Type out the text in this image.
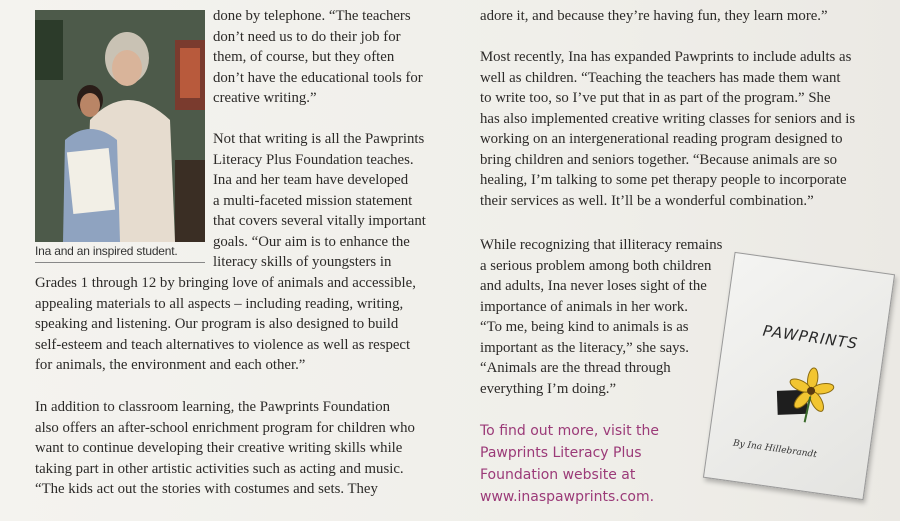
Ina and an inspired student.
done by telephone. “The teachers
don’t need us to do their job for
them, of course, but they often
don’t have the educational tools for
creative writing.”
Not that writing is all the Pawprints
Literacy Plus Foundation teaches.
Ina and her team have developed
a multi-faceted mission statement
that covers several vitally important
goals. “Our aim is to enhance the
literacy skills of youngsters in
Grades 1 through 12 by bringing love of animals and accessible,
appealing materials to all aspects – including reading, writing,
speaking and listening. Our program is also designed to build
self-esteem and teach alternatives to violence as well as respect
for animals, the environment and each other.”
In addition to classroom learning, the Pawprints Foundation
also offers an after-school enrichment program for children who
want to continue developing their creative writing skills while
taking part in other artistic activities such as acting and music.
“The kids act out the stories with costumes and sets. They
adore it, and because they’re having fun, they learn more.”
Most recently, Ina has expanded Pawprints to include adults as
well as children. “Teaching the teachers has made them want
to write too, so I’ve put that in as part of the program.” She
has also implemented creative writing classes for seniors and is
working on an intergenerational reading program designed to
bring children and seniors together. “Because animals are so
healing, I’m talking to some pet therapy people to incorporate
their services as well. It’ll be a wonderful combination.”
While recognizing that illiteracy remains
a serious problem among both children
and adults, Ina never loses sight of the
importance of animals in her work.
“To me, being kind to animals is as
important as the literacy,” she says.
“Animals are the thread through
everything I’m doing.”
To find out more, visit the
Pawprints Literacy Plus
Foundation website at
www.inaspawprints.com.
PAWPRINTS
By Ina Hillebrandt
